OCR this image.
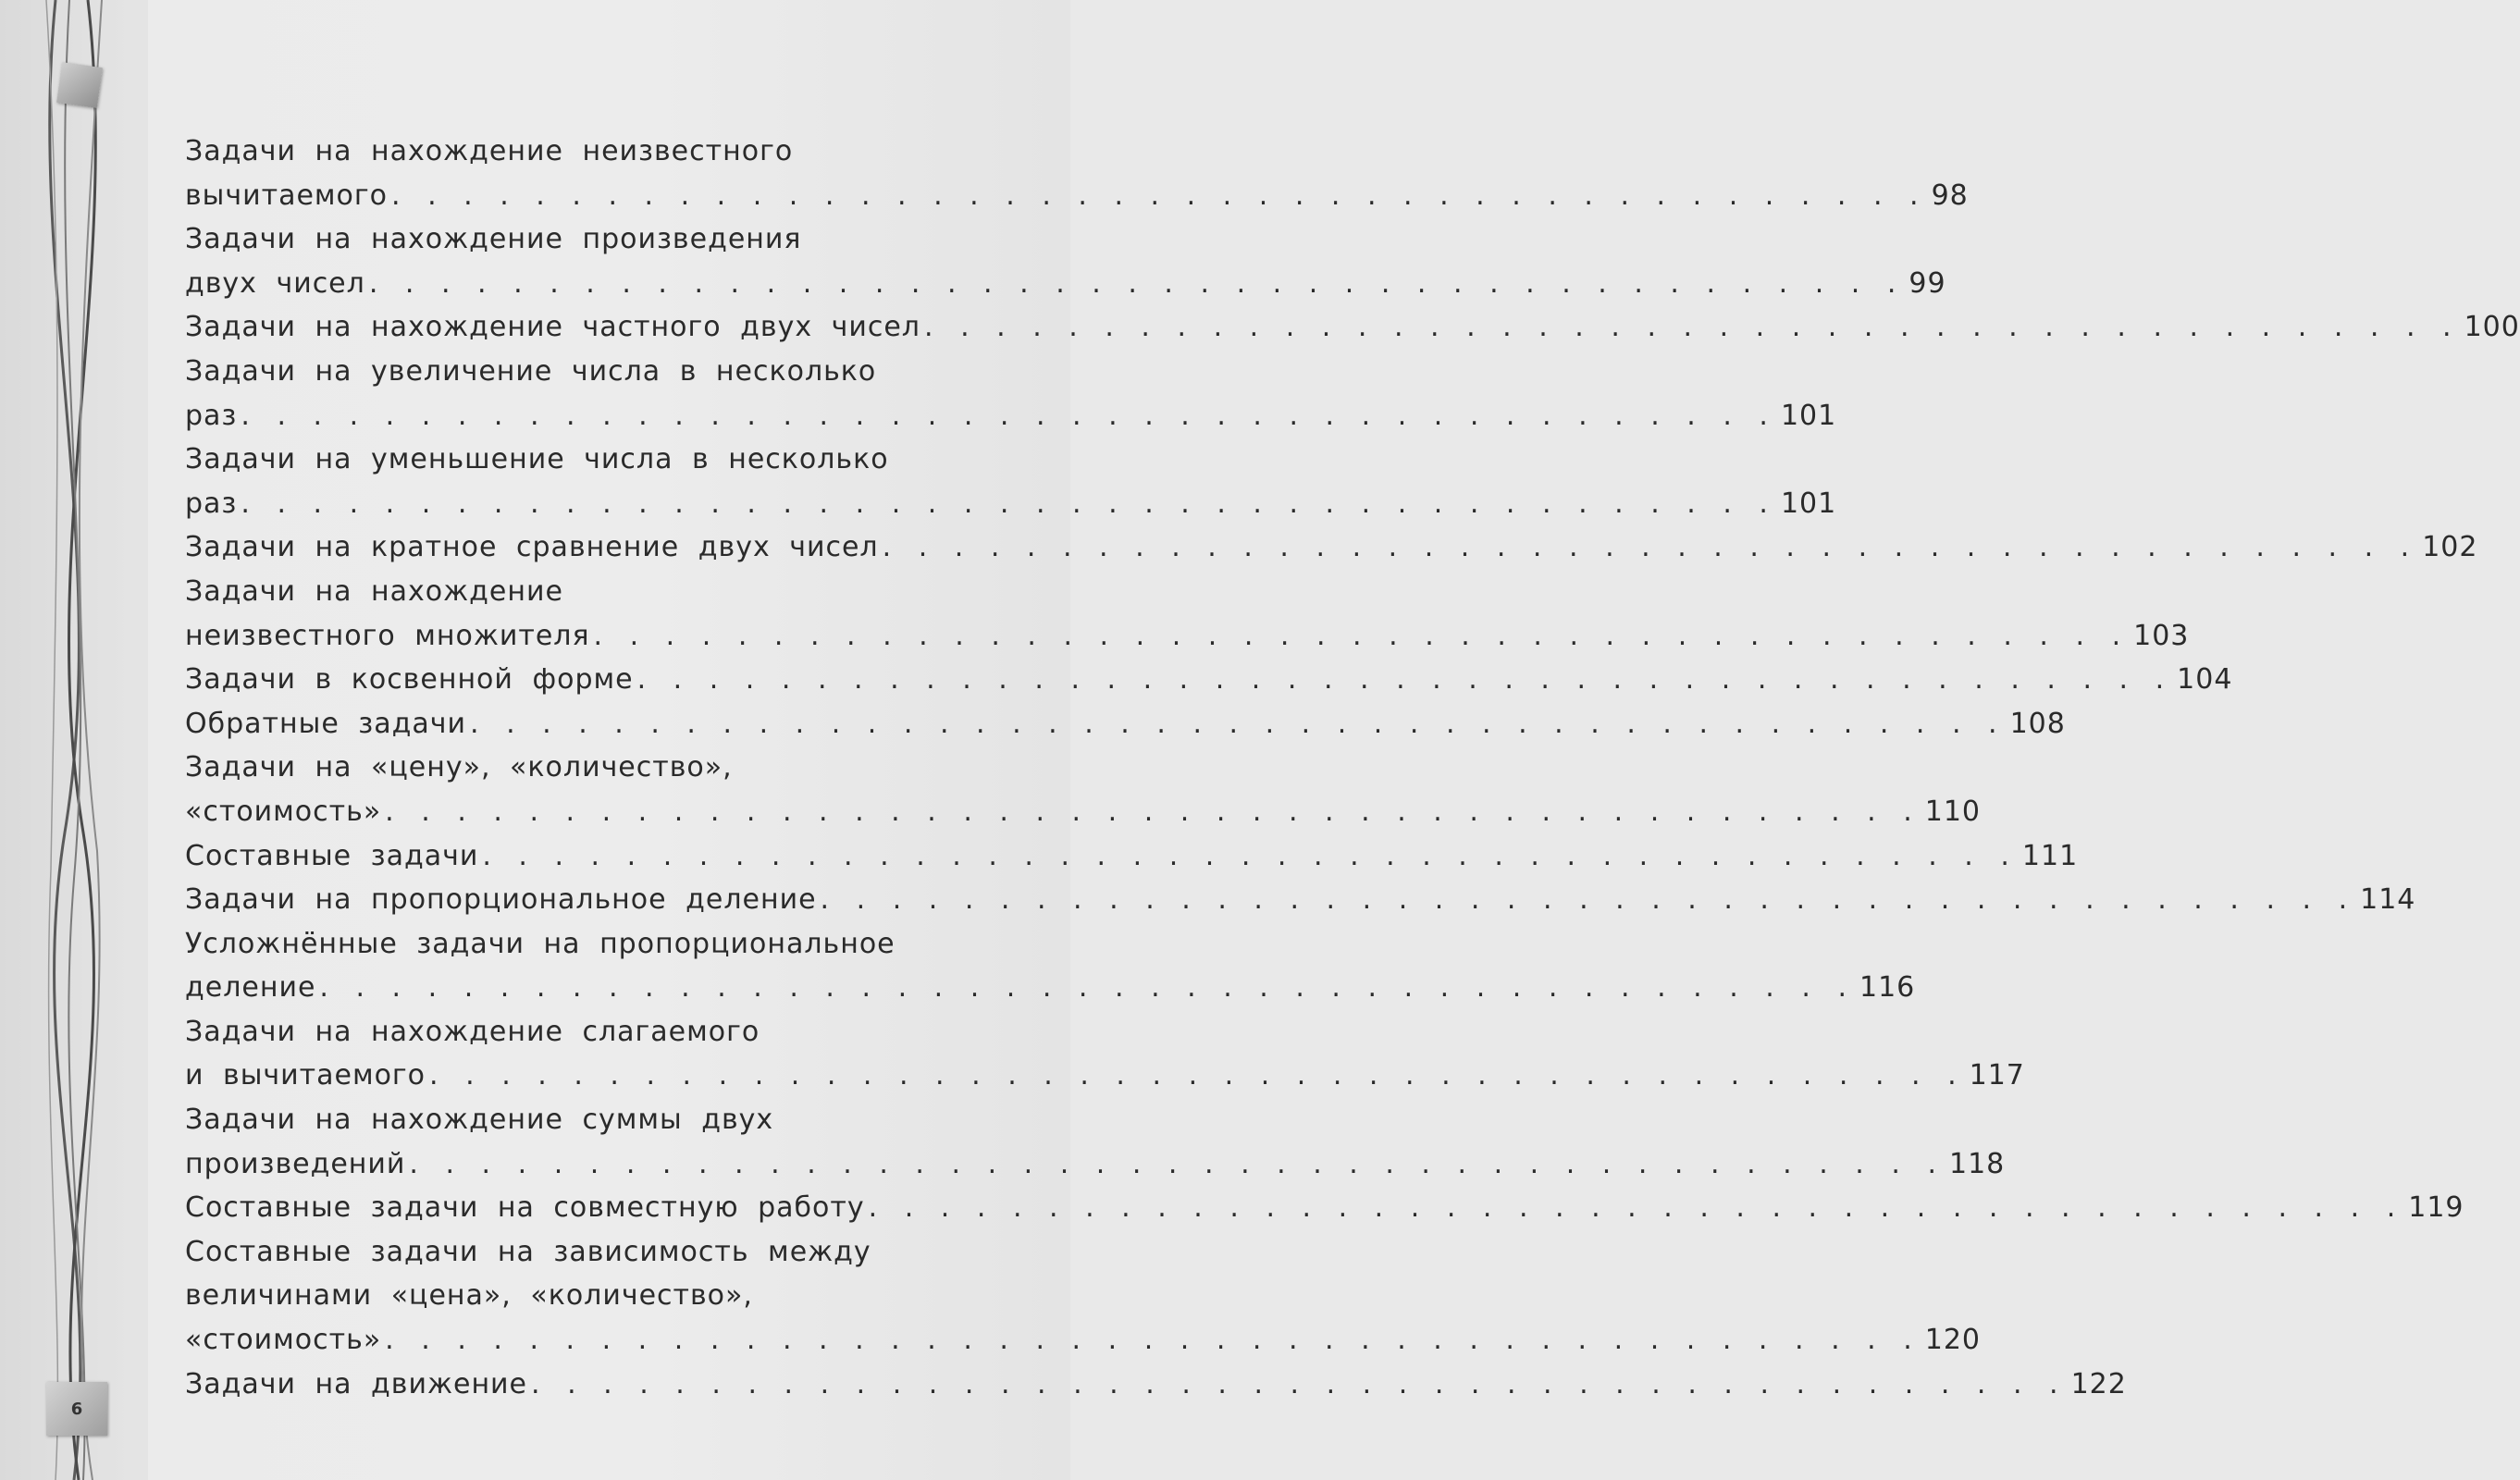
6
Задачи на нахождение неизвестного
вычитаемого . . . . . . . . . . . . . . . . . . . . . . . . . . . . . . . . . . . . . . . . . . . 98
Задачи на нахождение произведения
двух чисел . . . . . . . . . . . . . . . . . . . . . . . . . . . . . . . . . . . . . . . . . . . 99
Задачи на нахождение частного двух чисел . . . . . . . . . . . . . . . . . . . . . . . . . . . . . . . . . . . . . . . . . . . 100
Задачи на увеличение числа в несколько
раз . . . . . . . . . . . . . . . . . . . . . . . . . . . . . . . . . . . . . . . . . . . 101
Задачи на уменьшение числа в несколько
раз . . . . . . . . . . . . . . . . . . . . . . . . . . . . . . . . . . . . . . . . . . . 101
Задачи на кратное сравнение двух чисел . . . . . . . . . . . . . . . . . . . . . . . . . . . . . . . . . . . . . . . . . . . 102
Задачи на нахождение
неизвестного множителя . . . . . . . . . . . . . . . . . . . . . . . . . . . . . . . . . . . . . . . . . . . 103
Задачи в косвенной форме . . . . . . . . . . . . . . . . . . . . . . . . . . . . . . . . . . . . . . . . . . . 104
Обратные задачи . . . . . . . . . . . . . . . . . . . . . . . . . . . . . . . . . . . . . . . . . . . 108
Задачи на «цену», «количество»,
«стоимость» . . . . . . . . . . . . . . . . . . . . . . . . . . . . . . . . . . . . . . . . . . . 110
Составные задачи . . . . . . . . . . . . . . . . . . . . . . . . . . . . . . . . . . . . . . . . . . . 111
Задачи на пропорциональное деление . . . . . . . . . . . . . . . . . . . . . . . . . . . . . . . . . . . . . . . . . . . 114
Усложнённые задачи на пропорциональное
деление . . . . . . . . . . . . . . . . . . . . . . . . . . . . . . . . . . . . . . . . . . . 116
Задачи на нахождение слагаемого
и вычитаемого . . . . . . . . . . . . . . . . . . . . . . . . . . . . . . . . . . . . . . . . . . . 117
Задачи на нахождение суммы двух
произведений . . . . . . . . . . . . . . . . . . . . . . . . . . . . . . . . . . . . . . . . . . . 118
Составные задачи на совместную работу . . . . . . . . . . . . . . . . . . . . . . . . . . . . . . . . . . . . . . . . . . . 119
Составные задачи на зависимость между
величинами «цена», «количество»,
«стоимость» . . . . . . . . . . . . . . . . . . . . . . . . . . . . . . . . . . . . . . . . . . . 120
Задачи на движение . . . . . . . . . . . . . . . . . . . . . . . . . . . . . . . . . . . . . . . . . . . 122
